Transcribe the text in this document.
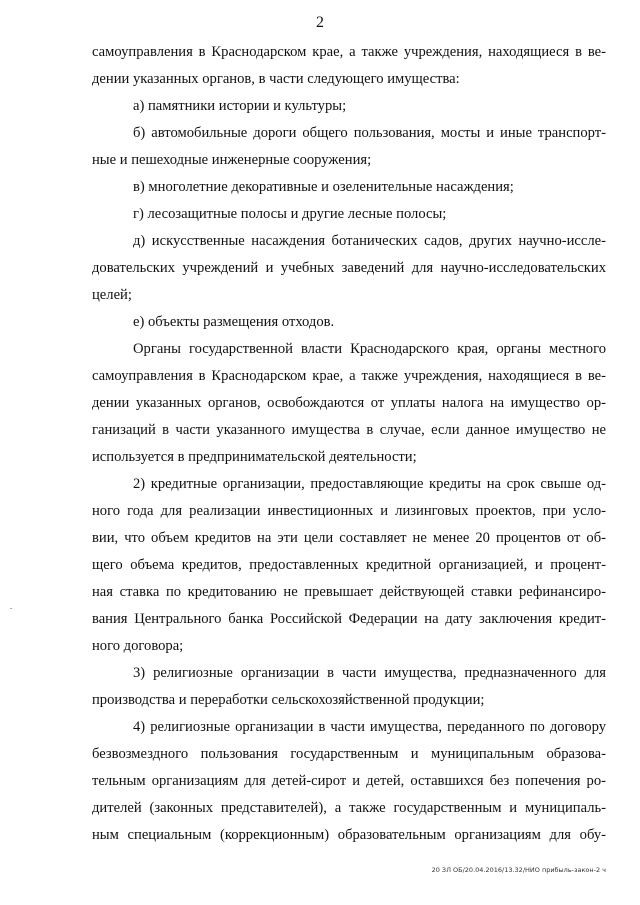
2
самоуправления в Краснодарском крае, а также учреждения, находящиеся в ве-
дении указанных органов, в части следующего имущества:
а) памятники истории и культуры;
б) автомобильные дороги общего пользования, мосты и иные транспорт-
ные и пешеходные инженерные сооружения;
в) многолетние декоративные и озеленительные насаждения;
г) лесозащитные полосы и другие лесные полосы;
д) искусственные насаждения ботанических садов, других научно-иссле-
довательских учреждений и учебных заведений для научно-исследовательских
целей;
е) объекты размещения отходов.
Органы государственной власти Краснодарского края, органы местного
самоуправления в Краснодарском крае, а также учреждения, находящиеся в ве-
дении указанных органов, освобождаются от уплаты налога на имущество ор-
ганизаций в части указанного имущества в случае, если данное имущество не
используется в предпринимательской деятельности;
2) кредитные организации, предоставляющие кредиты на срок свыше од-
ного года для реализации инвестиционных и лизинговых проектов, при усло-
вии, что объем кредитов на эти цели составляет не менее 20 процентов от об-
щего объема кредитов, предоставленных кредитной организацией, и процент-
ная ставка по кредитованию не превышает действующей ставки рефинансиро-
вания Центрального банка Российской Федерации на дату заключения кредит-
ного договора;
3) религиозные организации в части имущества, предназначенного для
производства и переработки сельскохозяйственной продукции;
4) религиозные организации в части имущества, переданного по договору
безвозмездного пользования государственным и муниципальным образова-
тельным организациям для детей-сирот и детей, оставшихся без попечения ро-
дителей (законных представителей), а также государственным и муниципаль-
ным специальным (коррекционным) образовательным организациям для обу-
-
20 ЗЛ ОБ/20.04.2016/13.32/НИО прибыль-закон-2 ч
